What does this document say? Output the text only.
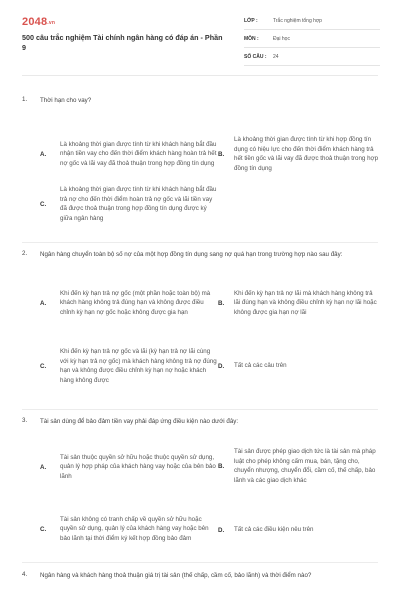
2048.vn
500 câu trắc nghiệm Tài chính ngân hàng có đáp án - Phần 9
LỚP :	Trắc nghiệm tổng hợp
MÔN :	Đại học
SỐ CÂU :	24
1.	Thời hạn cho vay?
A.
Là khoảng thời gian được tính từ khi khách hàng bắt đầu nhận tiền vay cho đến thời điểm khách hàng hoàn trả hết nợ gốc và lãi vay đã thoả thuận trong hợp đồng tín dụng
B.
Là khoảng thời gian được tính từ khi hợp đồng tín dụng có hiệu lực cho đến thời điểm khách hàng trả hết tiền gốc và lãi vay đã được thoả thuận trong hợp đồng tín dụng
C.
Là khoảng thời gian được tính từ khi khách hàng bắt đầu trả nợ cho đến thời điểm hoàn trả nợ gốc và lãi tiền vay đã được thoả thuận trong hợp đồng tín dụng được ký giữa ngân hàng
2.	Ngân hàng chuyển toàn bộ số nợ của một hợp đồng tín dụng sang nợ quá hạn trong trường hợp nào sau đây:
A.
Khi đến kỳ hạn trả nợ gốc (một phần hoặc toàn bộ) mà khách hàng không trả đúng hạn và không được điều chỉnh kỳ hạn nợ gốc hoặc không được gia hạn
B.
Khi đến kỳ hạn trả nợ lãi mà khách hàng không trả lãi đúng hạn và không điều chỉnh kỳ hạn nợ lãi hoặc không được gia hạn nợ lãi
C.
Khi đến kỳ hạn trả nợ gốc và lãi (kỳ hạn trả nợ lãi cùng với kỳ hạn trả nợ gốc) mà khách hàng không trả nợ đúng hạn và không được điều chỉnh kỳ hạn nợ hoặc khách hàng không được
D.	Tất cả các câu trên
3.	Tài sản dùng để bảo đảm tiền vay phải đáp ứng điều kiện nào dưới đây:
A.
Tài sản thuộc quyền sở hữu hoặc thuộc quyền sử dụng, quản lý hợp pháp của khách hàng vay hoặc của bên bảo lãnh
B.
Tài sản được phép giao dịch tức là tài sản mà pháp luật cho phép không cấm mua, bán, tặng cho, chuyển nhượng, chuyển đổi, cầm cố, thế chấp, bảo lãnh và các giao dịch khác
C.
Tài sản không có tranh chấp về quyền sở hữu hoặc quyền sử dụng, quản lý của khách hàng vay hoặc bên bảo lãnh tại thời điểm ký kết hợp đồng bảo đảm
D.	Tất cả các điều kiện nêu trên
4.	Ngân hàng và khách hàng thoả thuận giá trị tài sản (thế chấp, cầm cố, bảo lãnh) và thời điểm nào?
